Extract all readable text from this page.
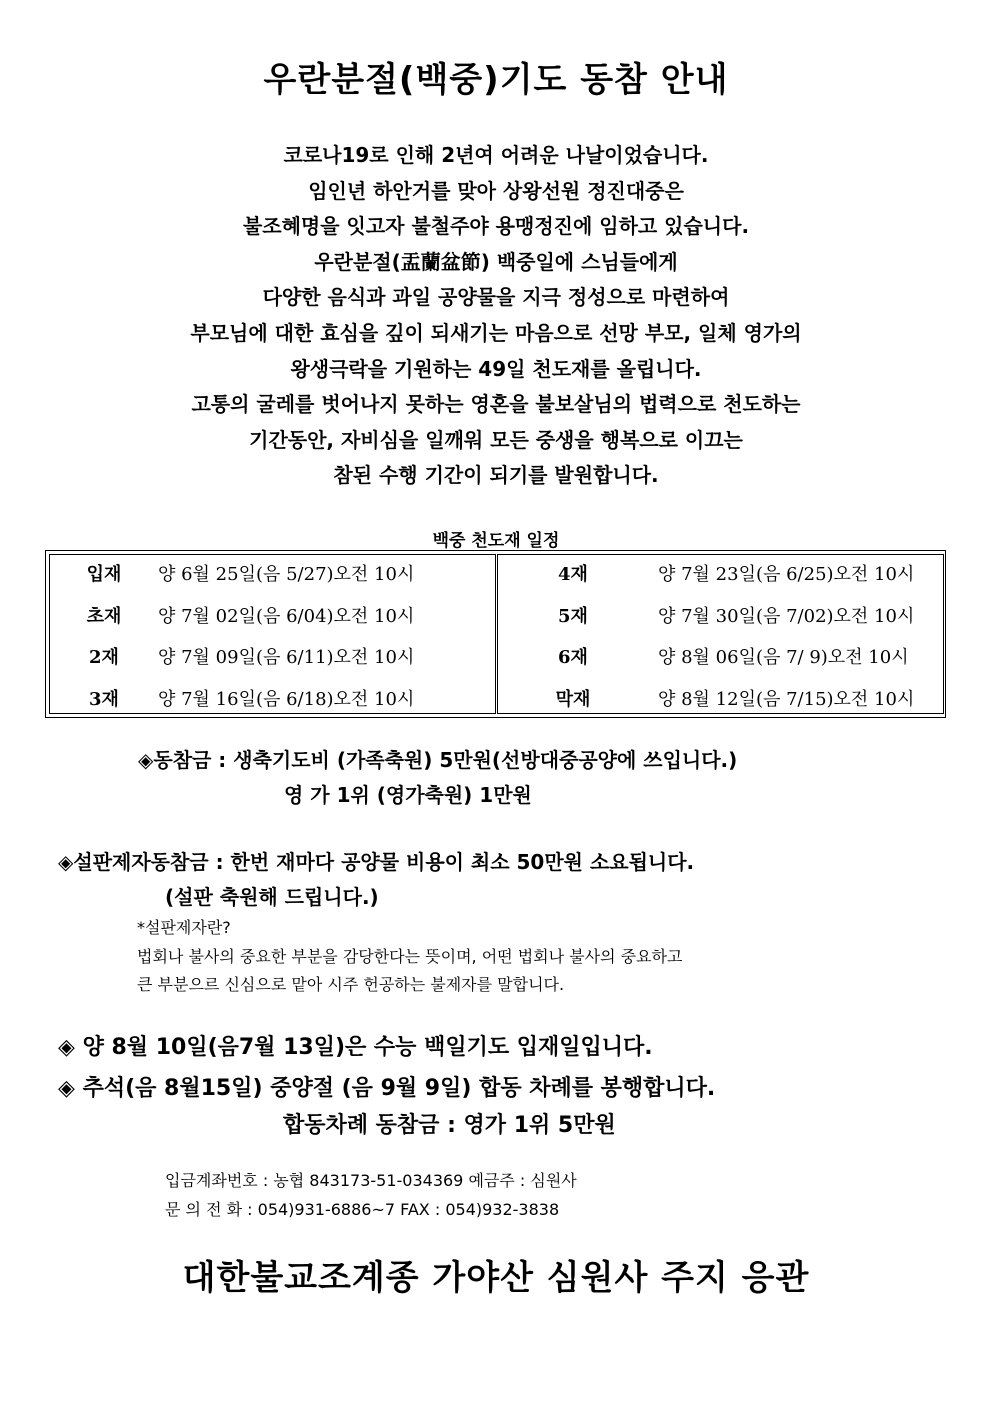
우란분절(백중)기도 동참 안내
코로나19로 인해 2년여 어려운 나날이었습니다.
임인년 하안거를 맞아 상왕선원 정진대중은
불조혜명을 잇고자 불철주야 용맹정진에 임하고 있습니다.
우란분절(盂蘭盆節) 백중일에 스님들에게
다양한 음식과 과일 공양물을 지극 정성으로 마련하여
부모님에 대한 효심을 깊이 되새기는 마음으로 선망 부모, 일체 영가의
왕생극락을 기원하는 49일 천도재를 올립니다.
고통의 굴레를 벗어나지 못하는 영혼을 불보살님의 법력으로 천도하는
기간동안, 자비심을 일깨워 모든 중생을 행복으로 이끄는
참된 수행 기간이 되기를 발원합니다.
백중 천도재 일정
입재	양 6월 25일(음 5/27)오전 10시
초재	양 7월 02일(음 6/04)오전 10시
2재	양 7월 09일(음 6/11)오전 10시
3재	양 7월 16일(음 6/18)오전 10시
4재	양 7월 23일(음 6/25)오전 10시
5재	양 7월 30일(음 7/02)오전 10시
6재	양 8월 06일(음 7/ 9)오전 10시
막재	양 8월 12일(음 7/15)오전 10시
◈동참금 : 생축기도비 (가족축원) 5만원(선방대중공양에 쓰입니다.)
영 가 1위 (영가축원) 1만원
◈설판제자동참금 : 한번 재마다 공양물 비용이 최소 50만원 소요됩니다.
(설판 축원해 드립니다.)
*설판제자란?
법회나 불사의 중요한 부분을 감당한다는 뜻이며, 어떤 법회나 불사의 중요하고
큰 부분으르 신심으로 맡아 시주 헌공하는 불제자를 말합니다.
◈ 양 8월 10일(음7월 13일)은 수능 백일기도 입재일입니다.
◈ 추석(음 8월15일) 중양절 (음 9월 9일) 합동 차례를 봉행합니다.
합동차례 동참금 : 영가 1위 5만원
입금계좌번호 : 농협 843173-51-034369 예금주 : 심원사
문 의 전 화 : 054)931-6886~7 FAX : 054)932-3838
대한불교조계종 가야산 심원사 주지 응관
